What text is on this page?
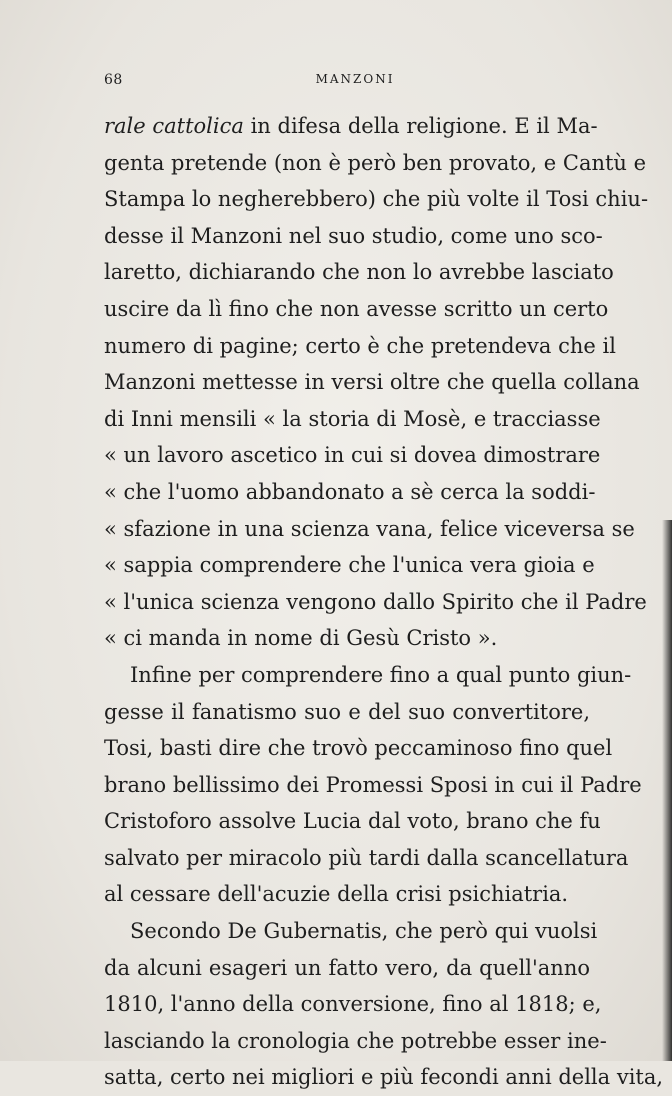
68	MANZONI
rale cattolica in difesa della religione. E il Ma-
genta pretende (non è però ben provato, e Cantù e
Stampa lo negherebbero) che più volte il Tosi chiu-
desse il Manzoni nel suo studio, come uno sco-
laretto, dichiarando che non lo avrebbe lasciato
uscire da lì fino che non avesse scritto un certo
numero di pagine; certo è che pretendeva che il
Manzoni mettesse in versi oltre che quella collana
di Inni mensili « la storia di Mosè, e tracciasse
« un lavoro ascetico in cui si dovea dimostrare
« che l'uomo abbandonato a sè cerca la soddi-
« sfazione in una scienza vana, felice viceversa se
« sappia comprendere che l'unica vera gioia e
« l'unica scienza vengono dallo Spirito che il Padre
« ci manda in nome di Gesù Cristo ».
Infine per comprendere fino a qual punto giun-
gesse il fanatismo suo e del suo convertitore,
Tosi, basti dire che trovò peccaminoso fino quel
brano bellissimo dei Promessi Sposi in cui il Padre
Cristoforo assolve Lucia dal voto, brano che fu
salvato per miracolo più tardi dalla scancellatura
al cessare dell'acuzie della crisi psichiatria.
Secondo De Gubernatis, che però qui vuolsi
da alcuni esageri un fatto vero, da quell'anno
1810, l'anno della conversione, fino al 1818; e,
lasciando la cronologia che potrebbe esser ine-
satta, certo nei migliori e più fecondi anni della vita,
